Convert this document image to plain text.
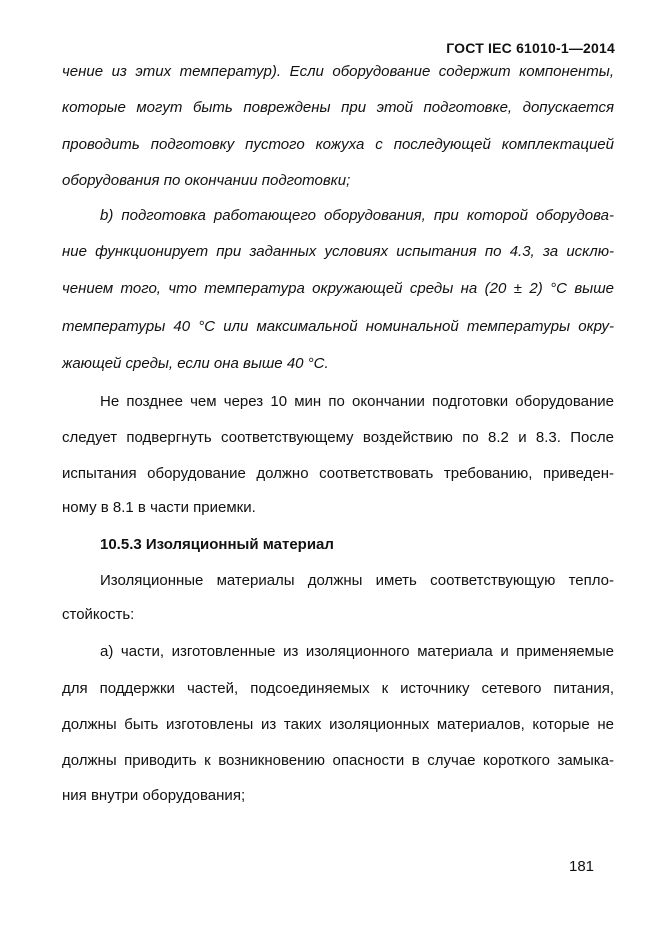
ГОСТ IEC 61010-1—2014
чение из этих температур). Если оборудование содержит компоненты,
которые могут быть повреждены при этой подготовке, допускается
проводить подготовку пустого кожуха с последующей комплектацией
оборудования по окончании подготовки;
b) подготовка работающего оборудования, при которой оборудова-
ние функционирует при заданных условиях испытания по 4.3, за исклю-
чением того, что температура окружающей среды на (20 ± 2) °C выше
температуры 40 °C или максимальной номинальной температуры окру-
жающей среды, если она выше 40 °C.
Не позднее чем через 10 мин по окончании подготовки оборудование
следует подвергнуть соответствующему воздействию по 8.2 и 8.3. После
испытания оборудование должно соответствовать требованию, приведен-
ному в 8.1 в части приемки.
10.5.3 Изоляционный материал
Изоляционные материалы должны иметь соответствующую тепло-
стойкость:
а) части, изготовленные из изоляционного материала и применяемые
для поддержки частей, подсоединяемых к источнику сетевого питания,
должны быть изготовлены из таких изоляционных материалов, которые не
должны приводить к возникновению опасности в случае короткого замыка-
ния внутри оборудования;
181
